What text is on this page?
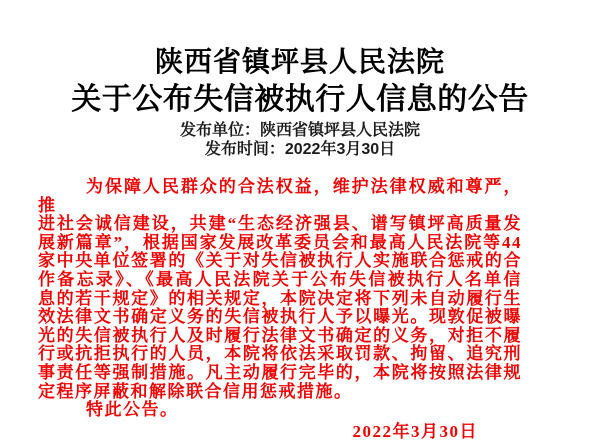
陕西省镇坪县人民法院
关于公布失信被执行人信息的公告
发布单位：陕西省镇坪县人民法院
发布时间：2022年3月30日
为保障人民群众的合法权益，维护法律权威和尊严，推
进社会诚信建设，共建“生态经济强县、谱写镇坪高质量发
展新篇章”，根据国家发展改革委员会和最高人民法院等44
家中央单位签署的《关于对失信被执行人实施联合惩戒的合
作备忘录》、《最高人民法院关于公布失信被执行人名单信
息的若干规定》的相关规定，本院决定将下列未自动履行生
效法律文书确定义务的失信被执行人予以曝光。现敦促被曝
光的失信被执行人及时履行法律文书确定的义务，对拒不履
行或抗拒执行的人员，本院将依法采取罚款、拘留、追究刑
事责任等强制措施。凡主动履行完毕的，本院将按照法律规
定程序屏蔽和解除联合信用惩戒措施。
特此公告。
2022年3月30日
